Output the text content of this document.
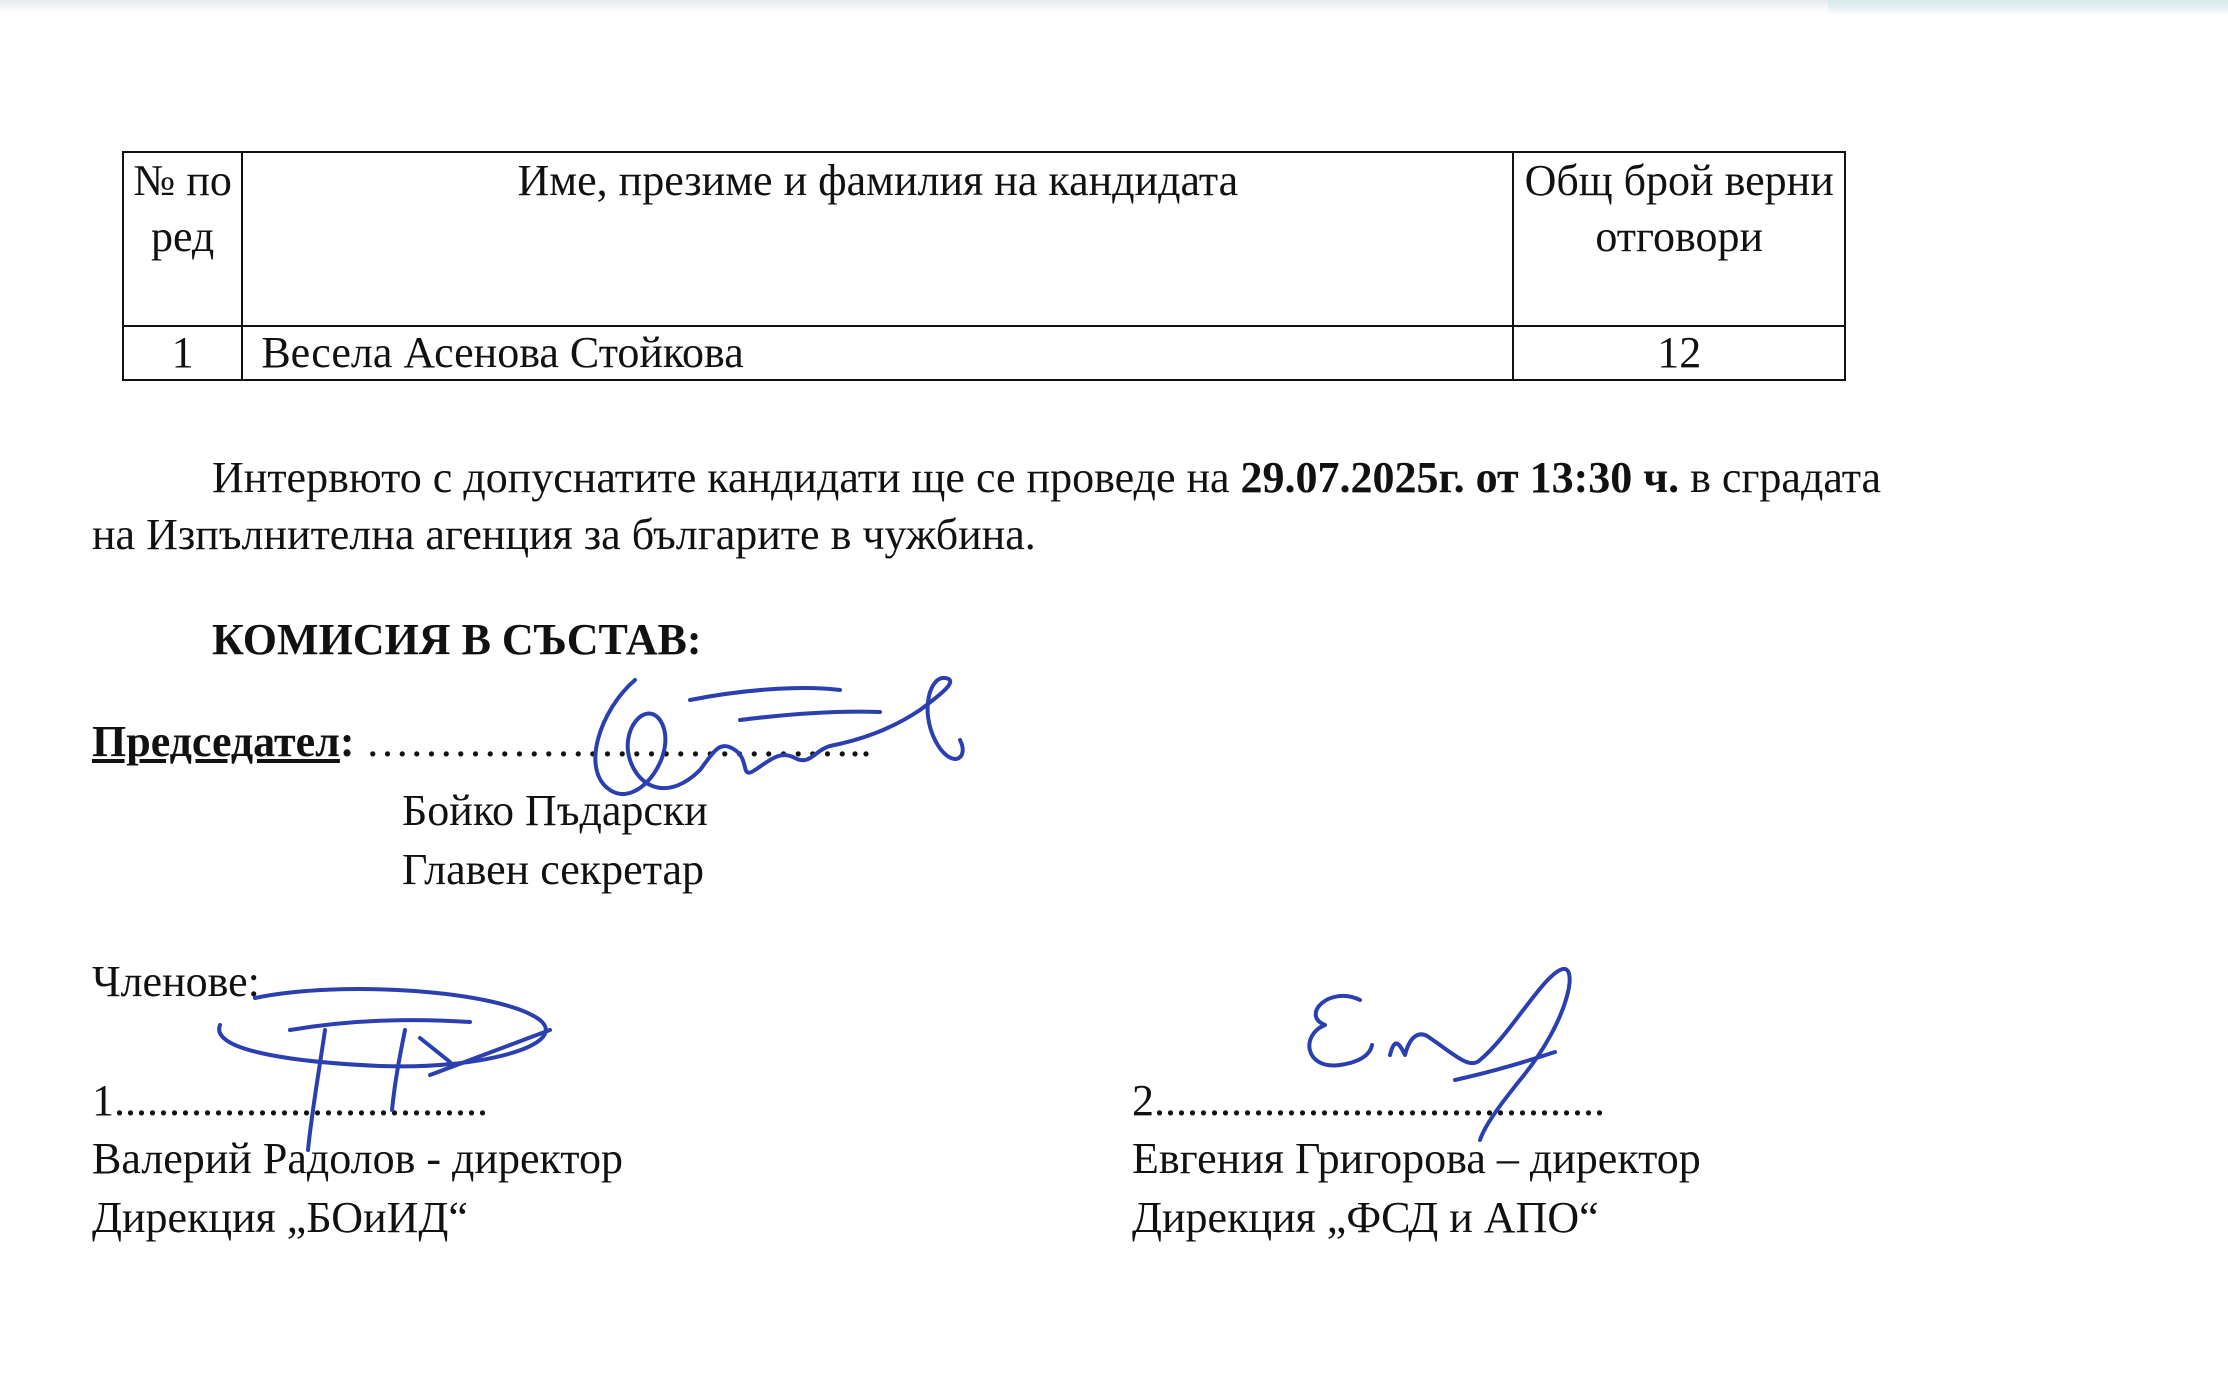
№ по ред	Име, презиме и фамилия на кандидата	Общ брой верни отговори
1	Весела Асенова Стойкова	12
Интервюто с допуснатите кандидати ще се проведе на 29.07.2025г. от 13:30 ч. в сградата
на Изпълнителна агенция за българите в чужбина.
КОМИСИЯ В СЪСТАВ:
Председател: ……………………………..
Бойко Пъдарски
Главен секретар
Членове:
1..................................
Валерий Радолов - директор
Дирекция „БОиИД“
2.........................................
Евгения Григорова – директор
Дирекция „ФСД и АПО“
